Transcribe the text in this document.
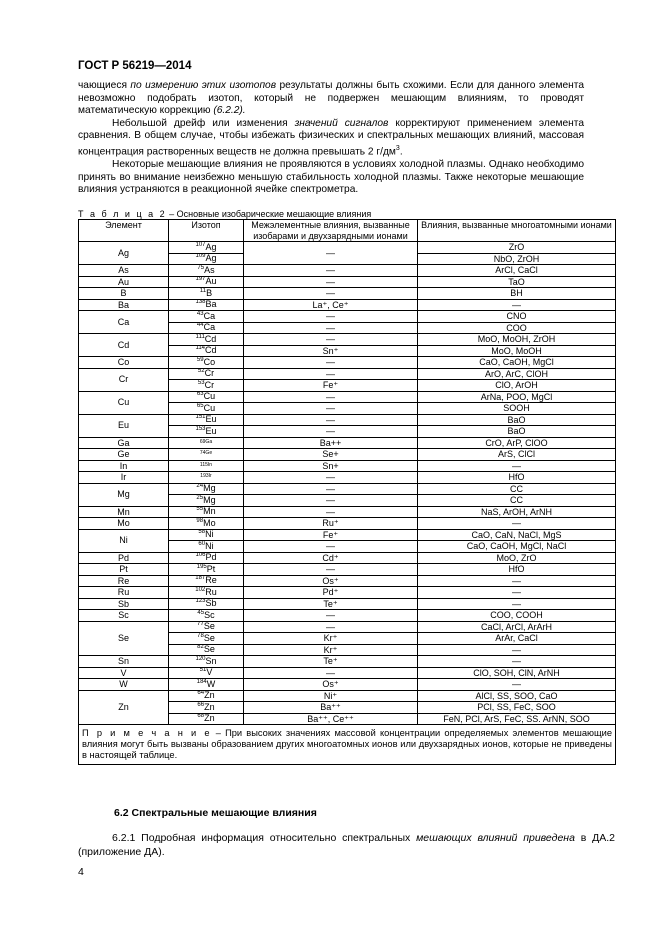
ГОСТ Р 56219—2014

чающиеся по измерению этих изотопов результаты должны быть схожими. Если для данного элемента невозможно подобрать изотоп, который не подвержен мешающим влияниям, то проводят математическую коррекцию (6.2.2).

Небольшой дрейф или изменения значений сигналов корректируют применением элемента сравнения. В общем случае, чтобы избежать физических и спектральных мешающих влияний, массовая концентрация растворенных веществ не должна превышать 2 $г/дм^3$.

Некоторые мешающие влияния не проявляются в условиях холодной плазмы. Однако необходимо принять во внимание неизбежно меньшую стабильность холодной плазмы. Также некоторые мешающие влияния устраняются в реакционной ячейке спектрометра.

Т а б л и ц а 2 – Основные изобарические мешающие влияния
Элемент	Изотоп	Межэлементные влияния, вызванные изобарами и двухзарядными ионами	Влияния, вызванные многоатомными ионами
Ag	$^{107}$Ag	—	ZrO
	$^{109}$Ag		NbO, ZrOH
As	$^{75}$As	—	ArCl, CaCl
Au	$^{197}$Au	—	TaO
B	$^{11}$B	—	BH
Ba	$^{138}$Ba	La⁺, Ce⁺	—
Ca	$^{43}$Ca	—	CNO
	$^{44}$Ca	—	COO
Cd	$^{111}$Cd	—	MoO, MoOH, ZrOH
	$^{114}$Cd	Sn⁺	MoO, MoOH
Co	$^{59}$Co	—	CaO, CaOH, MgCl
Cr	$^{52}$Cr	—	ArO, ArC, ClOH
	$^{53}$Cr	Fe⁺	ClO, ArOH
Cu	$^{63}$Cu	—	ArNa, POO, MgCl
	$^{65}$Cu	—	SOOH
Eu	$^{151}$Eu	—	BaO
	$^{153}$Eu	—	BaO
Ga	$^{69Ga}$	Ba++	CrO, ArP, ClOO
Ge	$^{74Ge}$	Se+	ArS, ClCl
In	$^{115In}$	Sn+	—
Ir	$^{193Ir}$	—	HfO
Mg	$^{24}$Mg	—	CC
	$^{25}$Mg	—	CC
Mn	$^{55}$Mn	—	NaS, ArOH, ArNH
Mo	$^{98}$Mo	Ru⁺	—
Ni	$^{58}$Ni	Fe⁺	CaO, CaN, NaCl, MgS
	$^{60}$Ni	—	CaO, CaOH, MgCl, NaCl
Pd	$^{106}$Pd	Cd⁺	MoO, ZrO
Pt	$^{195}$Pt	—	HfO
Re	$^{187}$Re	Os⁺	—
Ru	$^{102}$Ru	Pd⁺	—
Sb	$^{123}$Sb	Te⁺	—
Sc	$^{45}$Sc	—	COO, COOH
Se	$^{77}$Se	—	CaCl, ArCl, ArArH
	$^{78}$Se	Kr⁺	ArAr, CaCl
	$^{82}$Se	Kr⁺	—
Sn	$^{120}$Sn	Te⁺	—
V	$^{51}$V	—	ClO, SOH, ClN, ArNH
W	$^{184}$W	Os⁺	—
Zn	$^{64}$Zn	Ni⁺	AlCl, SS, SOO, CaO
	$^{66}$Zn	Ba⁺⁺	PCl, SS, FeC, SOO
	$^{68}$Zn	Ba⁺⁺, Ce⁺⁺	FeN, PCl, ArS, FeC, SS. ArNN, SOO
П р и м е ч а н и е – При высоких значениях массовой концентрации определяемых элементов мешающие влияния могут быть вызваны образованием других многоатомных ионов или двухзарядных ионов, которые не приведены в настоящей таблице.			
6.2 Спектральные мешающие влияния
6.2.1 Подробная информация относительно спектральных мешающих влияний приведена в ДА.2 (приложение ДА).
4
